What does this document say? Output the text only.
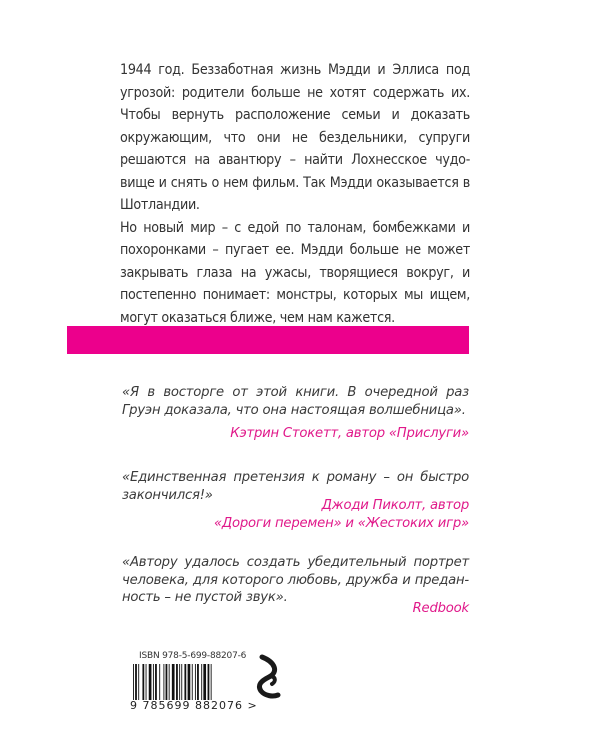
1944 год. Беззаботная жизнь Мэдди и Эллиса под
угрозой: родители больше не хотят содержать их.
Чтобы вернуть расположение семьи и доказать
окружающим, что они не бездельники, супруги
решаются на авантюру – найти Лохнесское чудо-
вище и снять о нем фильм. Так Мэдди оказывается в
Шотландии.
Но новый мир – с едой по талонам, бомбежками и
похоронками – пугает ее. Мэдди больше не может
закрывать глаза на ужасы, творящиеся вокруг, и
постепенно понимает: монстры, которых мы ищем,
могут оказаться ближе, чем нам кажется.
«Я в восторге от этой книги. В очередной раз
Груэн доказала, что она настоящая волшебница».
Кэтрин Стокетт, автор «Прислуги»
«Единственная претензия к роману – он быстро
закончился!»
Джоди Пиколт, автор
«Дороги перемен» и «Жестоких игр»
«Автору удалось создать убедительный портрет
человека, для которого любовь, дружба и предан-
ность – не пустой звук».
Redbook
ISBN 978-5-699-88207-6
9 785699 882076 >
